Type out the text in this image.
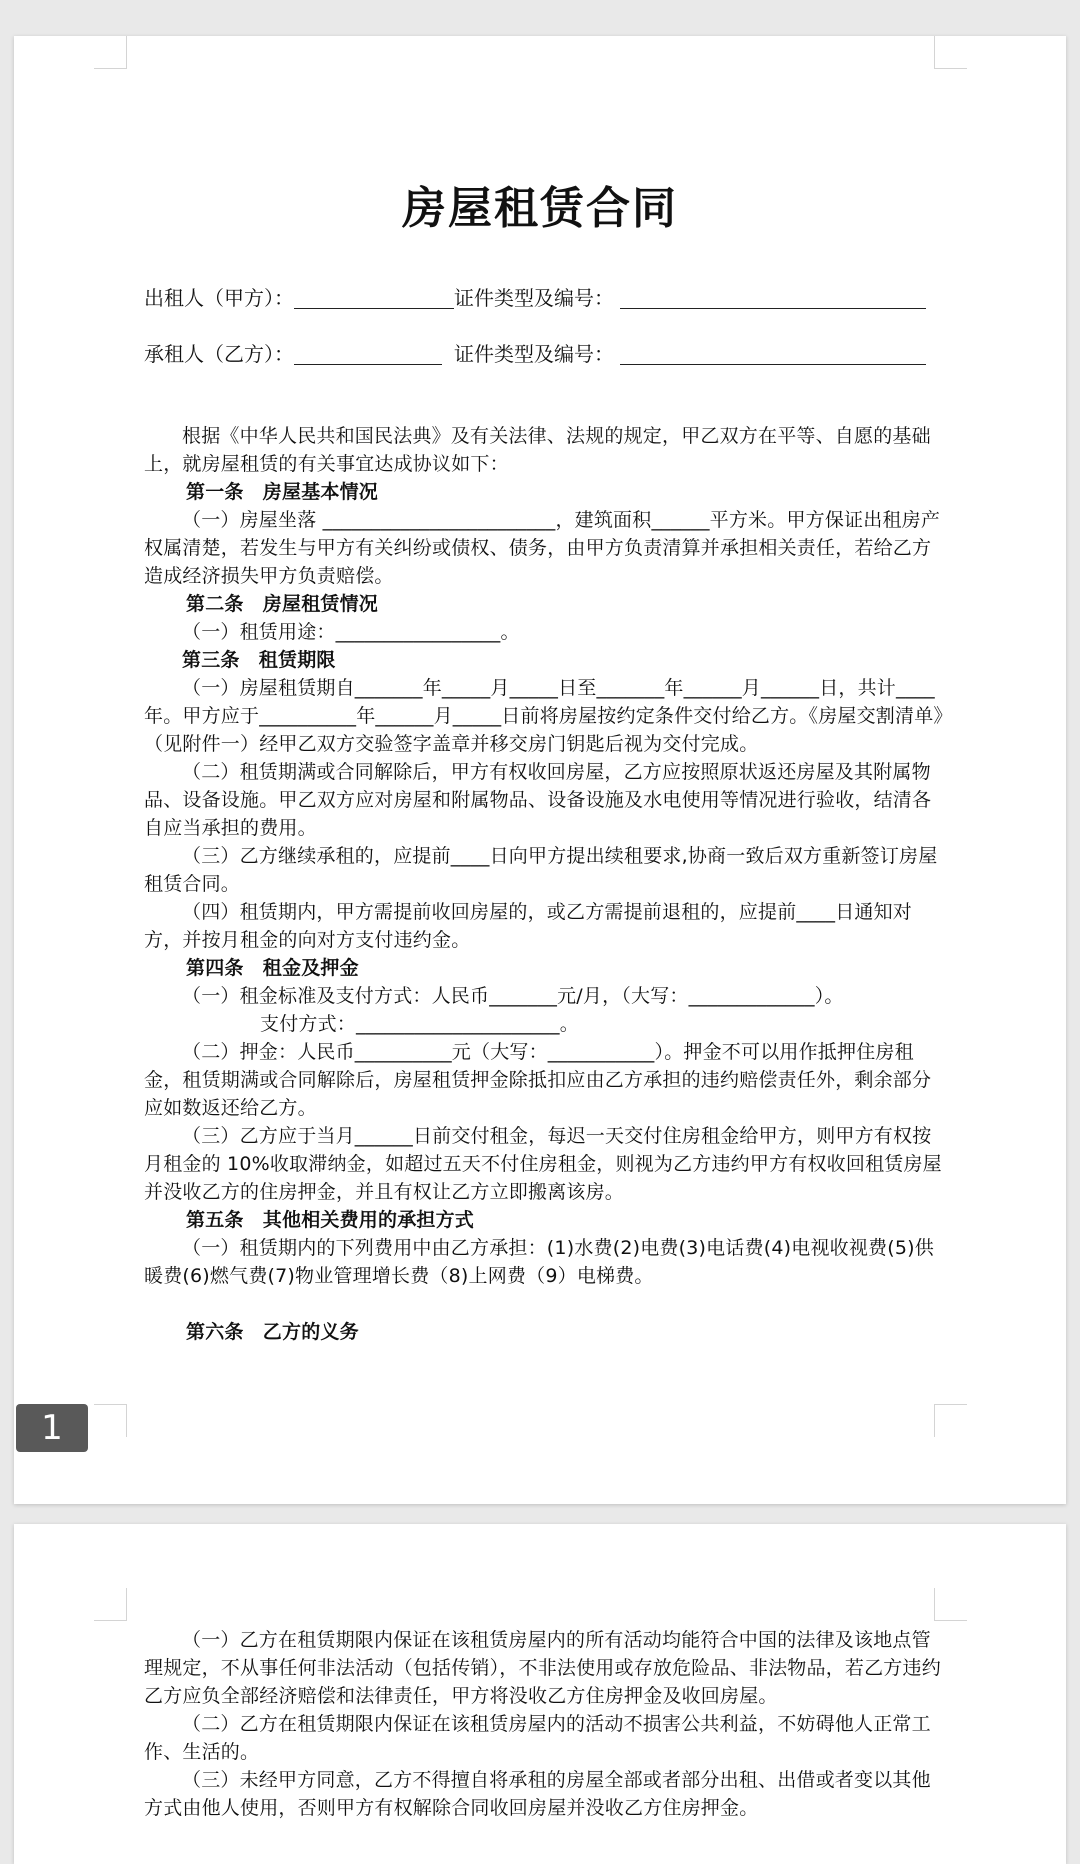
房屋租赁合同
出租人（甲方）：	证件类型及编号：
承租人（乙方）：	证件类型及编号：

根据《中华人民共和国民法典》及有关法律、法规的规定，甲乙双方在平等、自愿的基础上，就房屋租赁的有关事宜达成协议如下：

第一条　房屋基本情况

（一）房屋坐落 ________________________，建筑面积______平方米。甲方保证出租房产权属清楚，若发生与甲方有关纠纷或债权、债务，由甲方负责清算并承担相关责任，若给乙方造成经济损失甲方负责赔偿。

第二条　房屋租赁情况

（一）租赁用途：_________________。

第三条　租赁期限

（一）房屋租赁期自_______年_____月_____日至_______年______月______日，共计____年。甲方应于__________年______月_____日前将房屋按约定条件交付给乙方。《房屋交割清单》（见附件一）经甲乙双方交验签字盖章并移交房门钥匙后视为交付完成。

（二）租赁期满或合同解除后，甲方有权收回房屋，乙方应按照原状返还房屋及其附属物品、设备设施。甲乙双方应对房屋和附属物品、设备设施及水电使用等情况进行验收，结清各自应当承担的费用。

（三）乙方继续承租的，应提前____日向甲方提出续租要求,协商一致后双方重新签订房屋租赁合同。

（四）租赁期内，甲方需提前收回房屋的，或乙方需提前退租的，应提前____日通知对方，并按月租金的向对方支付违约金。

第四条　租金及押金

（一）租金标准及支付方式：人民币_______元/月，（大写：_____________）。

支付方式：_____________________。

（二）押金：人民币__________元（大写：___________）。押金不可以用作抵押住房租金，租赁期满或合同解除后，房屋租赁押金除抵扣应由乙方承担的违约赔偿责任外，剩余部分应如数返还给乙方。

（三）乙方应于当月______日前交付租金，每迟一天交付住房租金给甲方，则甲方有权按月租金的 10%收取滞纳金，如超过五天不付住房租金，则视为乙方违约甲方有权收回租赁房屋并没收乙方的住房押金，并且有权让乙方立即搬离该房。

第五条　其他相关费用的承担方式

（一）租赁期内的下列费用中由乙方承担：(1)水费(2)电费(3)电话费(4)电视收视费(5)供暖费(6)燃气费(7)物业管理增长费（8)上网费（9）电梯费。

第六条　乙方的义务

1

（一）乙方在租赁期限内保证在该租赁房屋内的所有活动均能符合中国的法律及该地点管理规定，不从事任何非法活动（包括传销），不非法使用或存放危险品、非法物品，若乙方违约乙方应负全部经济赔偿和法律责任，甲方将没收乙方住房押金及收回房屋。

（二）乙方在租赁期限内保证在该租赁房屋内的活动不损害公共利益，不妨碍他人正常工作、生活的。

（三）未经甲方同意，乙方不得擅自将承租的房屋全部或者部分出租、出借或者变以其他方式由他人使用，否则甲方有权解除合同收回房屋并没收乙方住房押金。
